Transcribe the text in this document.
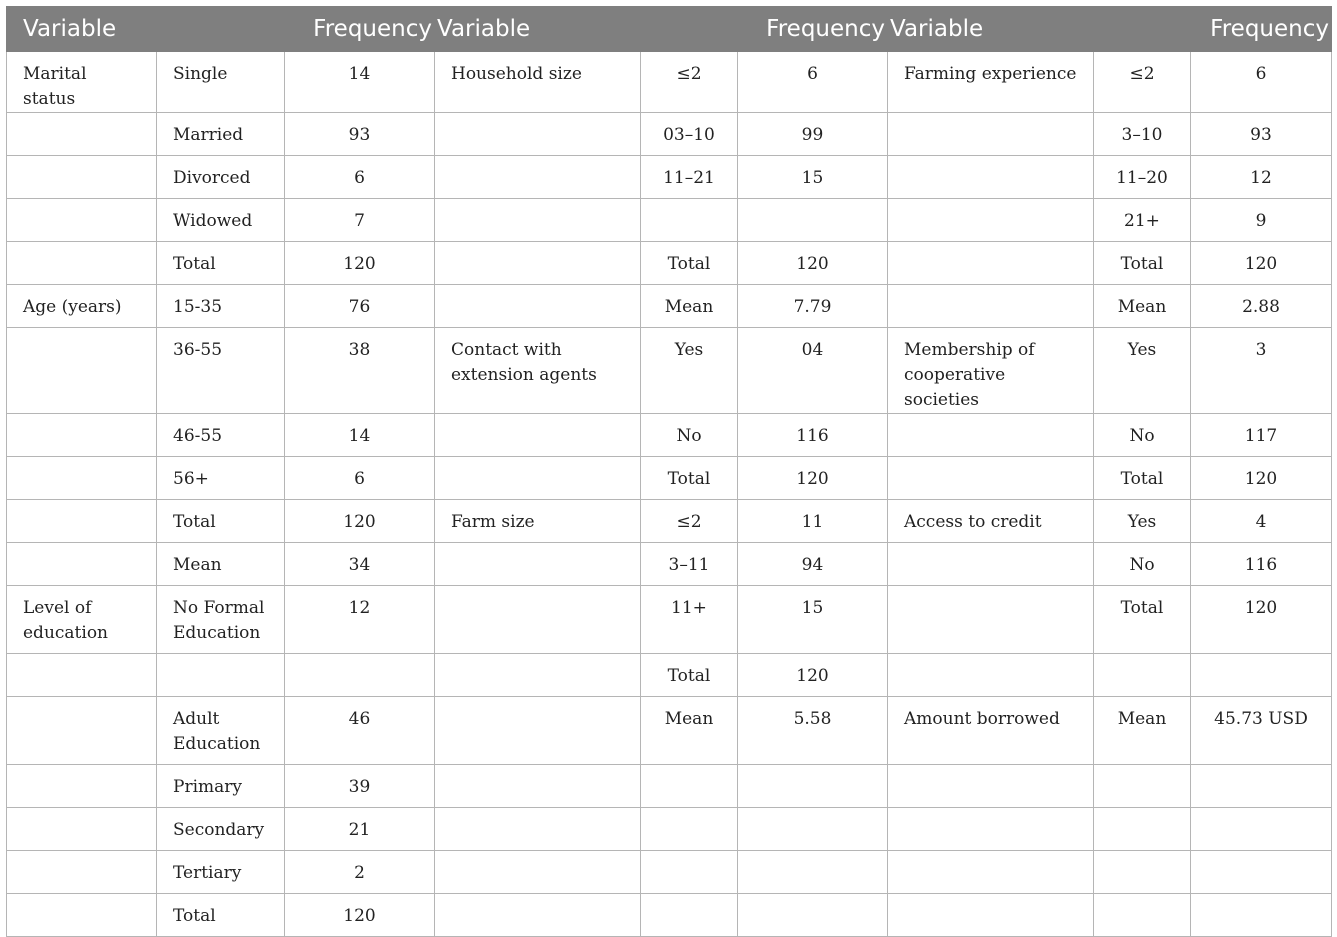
Variable		Frequency	Variable		Frequency	Variable		Frequency
Marital status	Single	14	Household size	≤2	6	Farming experience	≤2	6
	Married	93		03–10	99		3–10	93
	Divorced	6		11–21	15		11–20	12
	Widowed	7					21+	9
	Total	120		Total	120		Total	120
Age (years)	15-35	76		Mean	7.79		Mean	2.88
	36-55	38	Contact with extension agents	Yes	04	Membership of cooperative societies	Yes	3
	46-55	14		No	116		No	117
	56+	6		Total	120		Total	120
	Total	120	Farm size	≤2	11	Access to credit	Yes	4
	Mean	34		3–11	94		No	116
Level of education	No Formal Education	12		11+	15		Total	120
				Total	120			
	Adult Education	46		Mean	5.58	Amount borrowed	Mean	45.73 USD
	Primary	39						
	Secondary	21						
	Tertiary	2						
	Total	120						
